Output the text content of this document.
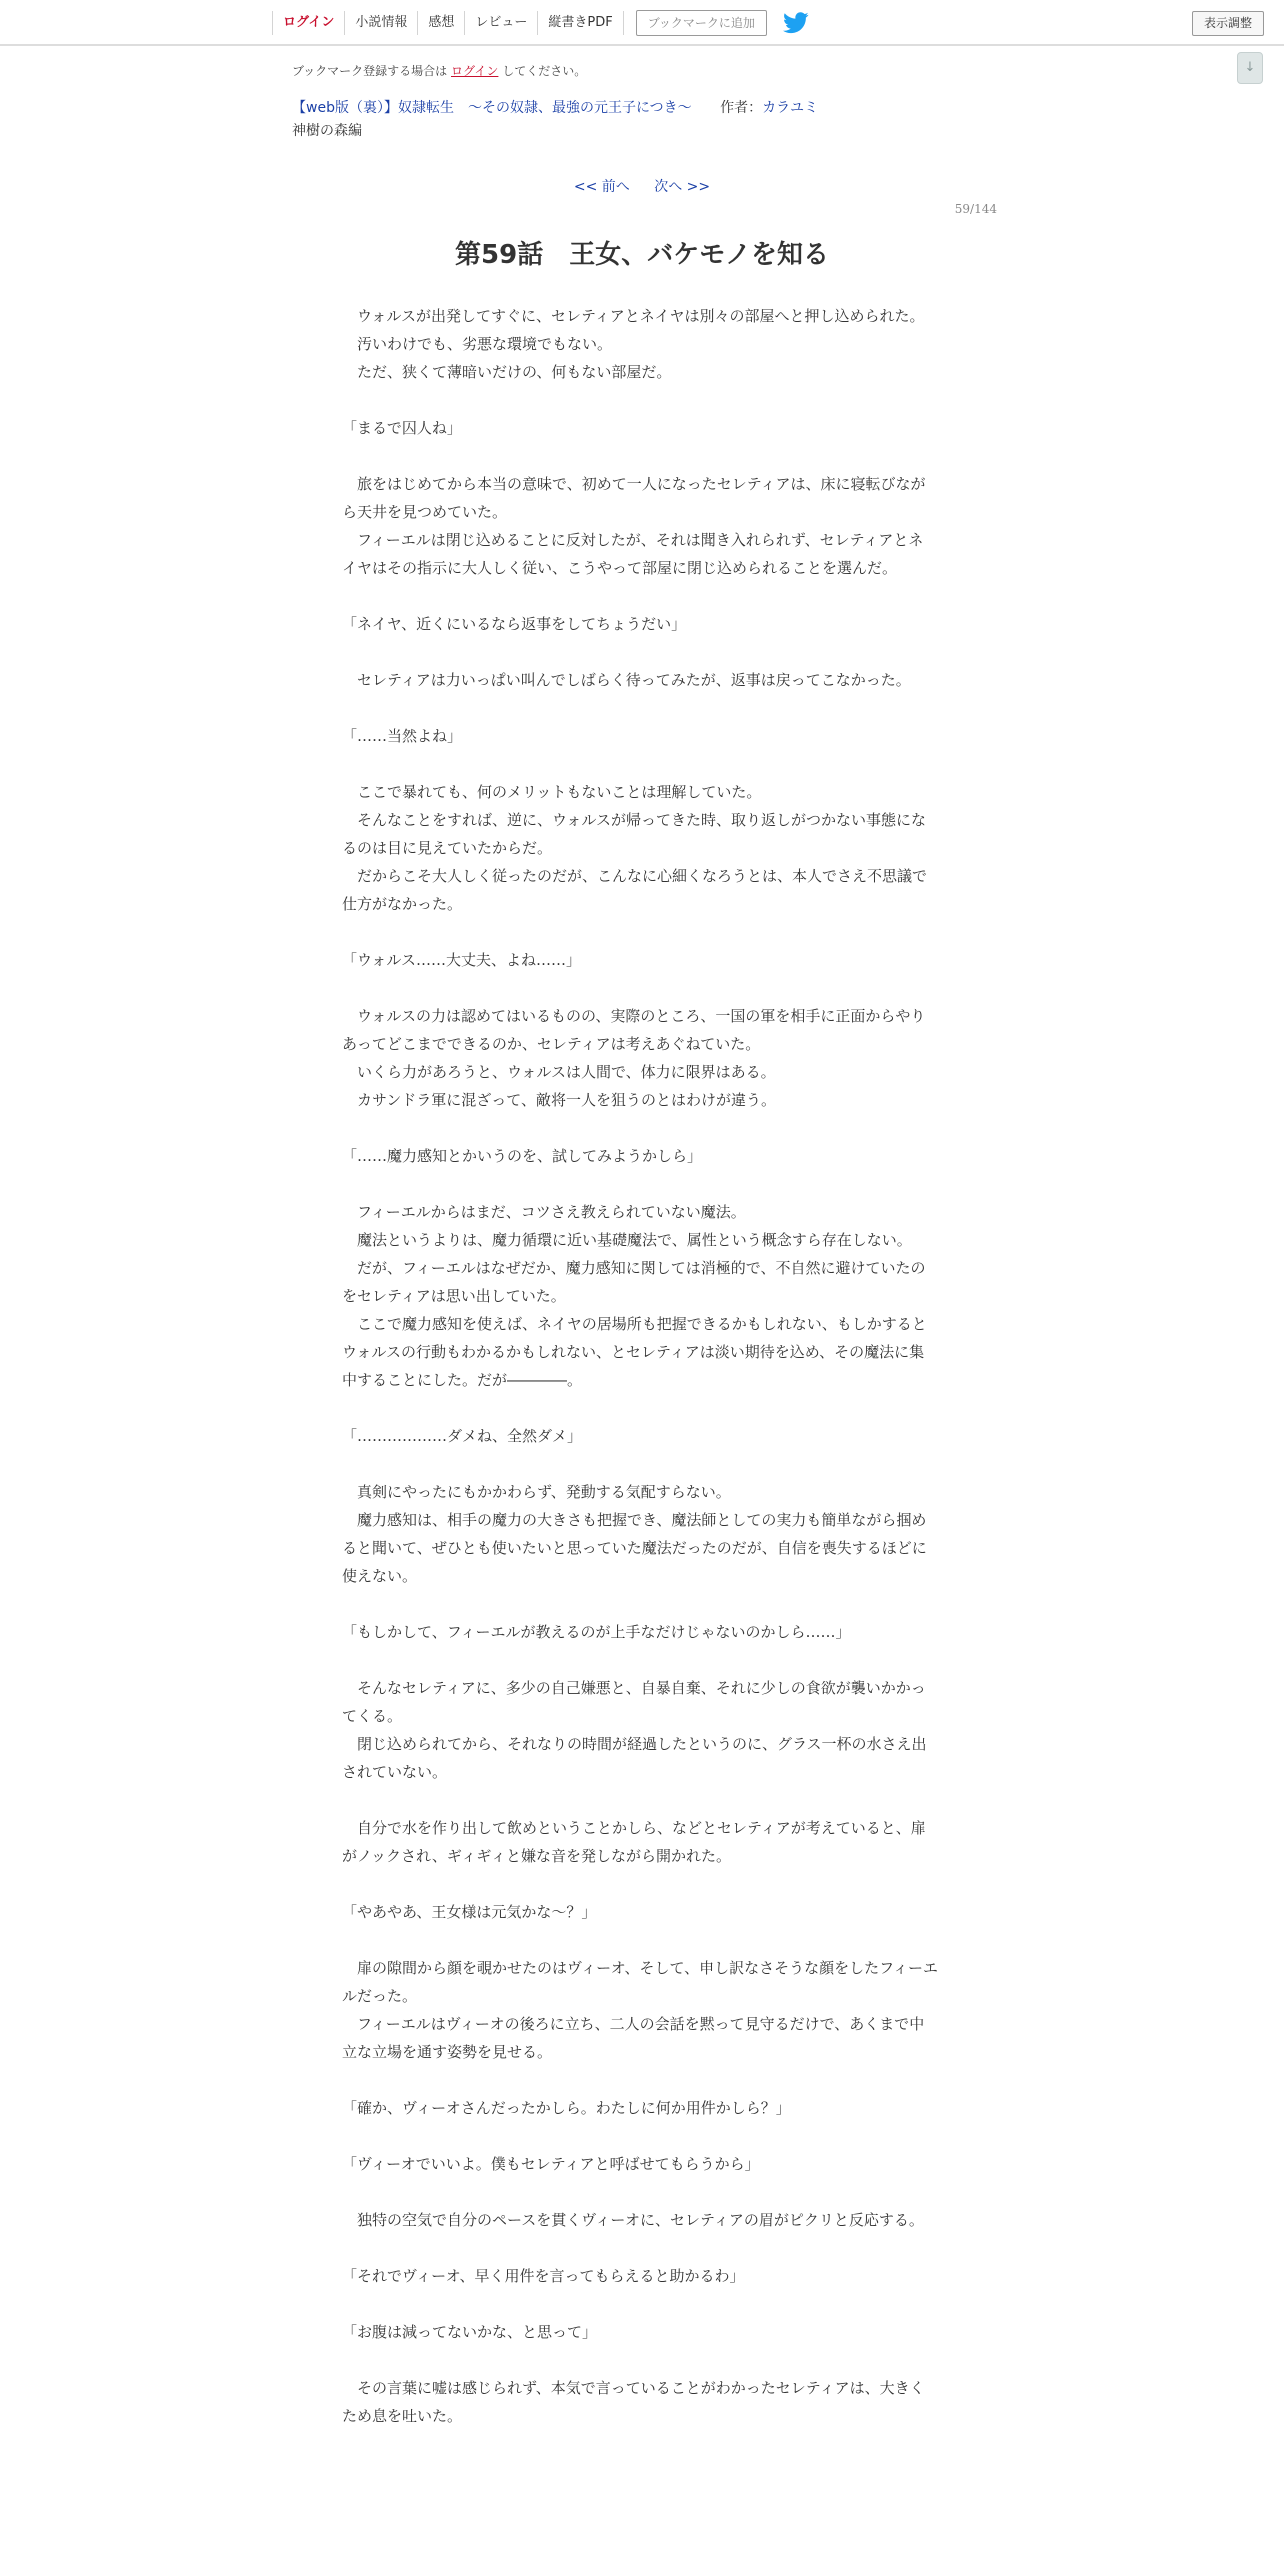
ログイン	小説情報	感想	レビュー	縦書きPDF	ブックマークに追加	表示調整
↓
ブックマーク登録する場合は ログイン してください。
【web版（裏）】奴隷転生　～その奴隷、最強の元王子につき～ 作者：カラユミ
神樹の森編
<< 前へ 次へ >>
59/144
第59話　王女、バケモノを知る

　ウォルスが出発してすぐに、セレティアとネイヤは別々の部屋へと押し込められた。

　汚いわけでも、劣悪な環境でもない。

　ただ、狭くて薄暗いだけの、何もない部屋だ。

「まるで囚人ね」

　旅をはじめてから本当の意味で、初めて一人になったセレティアは、床に寝転びながら天井を見つめていた。

　フィーエルは閉じ込めることに反対したが、それは聞き入れられず、セレティアとネイヤはその指示に大人しく従い、こうやって部屋に閉じ込められることを選んだ。

「ネイヤ、近くにいるなら返事をしてちょうだい」

　セレティアは力いっぱい叫んでしばらく待ってみたが、返事は戻ってこなかった。

「……当然よね」

　ここで暴れても、何のメリットもないことは理解していた。

　そんなことをすれば、逆に、ウォルスが帰ってきた時、取り返しがつかない事態になるのは目に見えていたからだ。

　だからこそ大人しく従ったのだが、こんなに心細くなろうとは、本人でさえ不思議で仕方がなかった。

「ウォルス……大丈夫、よね……」

　ウォルスの力は認めてはいるものの、実際のところ、一国の軍を相手に正面からやりあってどこまでできるのか、セレティアは考えあぐねていた。

　いくら力があろうと、ウォルスは人間で、体力に限界はある。

　カサンドラ軍に混ざって、敵将一人を狙うのとはわけが違う。

「……魔力感知とかいうのを、試してみようかしら」

　フィーエルからはまだ、コツさえ教えられていない魔法。

　魔法というよりは、魔力循環に近い基礎魔法で、属性という概念すら存在しない。

　だが、フィーエルはなぜだか、魔力感知に関しては消極的で、不自然に避けていたのをセレティアは思い出していた。

　ここで魔力感知を使えば、ネイヤの居場所も把握できるかもしれない、もしかするとウォルスの行動もわかるかもしれない、とセレティアは淡い期待を込め、その魔法に集中することにした。だが――――。

「………………ダメね、全然ダメ」

　真剣にやったにもかかわらず、発動する気配すらない。

　魔力感知は、相手の魔力の大きさも把握でき、魔法師としての実力も簡単ながら掴めると聞いて、ぜひとも使いたいと思っていた魔法だったのだが、自信を喪失するほどに使えない。

「もしかして、フィーエルが教えるのが上手なだけじゃないのかしら……」

　そんなセレティアに、多少の自己嫌悪と、自暴自棄、それに少しの食欲が襲いかかってくる。

　閉じ込められてから、それなりの時間が経過したというのに、グラス一杯の水さえ出されていない。

　自分で水を作り出して飲めということかしら、などとセレティアが考えていると、扉がノックされ、ギィギィと嫌な音を発しながら開かれた。

「やあやあ、王女様は元気かな～？」

　扉の隙間から顔を覗かせたのはヴィーオ、そして、申し訳なさそうな顔をしたフィーエルだった。

　フィーエルはヴィーオの後ろに立ち、二人の会話を黙って見守るだけで、あくまで中立な立場を通す姿勢を見せる。

「確か、ヴィーオさんだったかしら。わたしに何か用件かしら？」

「ヴィーオでいいよ。僕もセレティアと呼ばせてもらうから」

　独特の空気で自分のペースを貫くヴィーオに、セレティアの眉がピクリと反応する。

「それでヴィーオ、早く用件を言ってもらえると助かるわ」

「お腹は減ってないかな、と思って」

　その言葉に嘘は感じられず、本気で言っていることがわかったセレティアは、大きくため息を吐いた。
